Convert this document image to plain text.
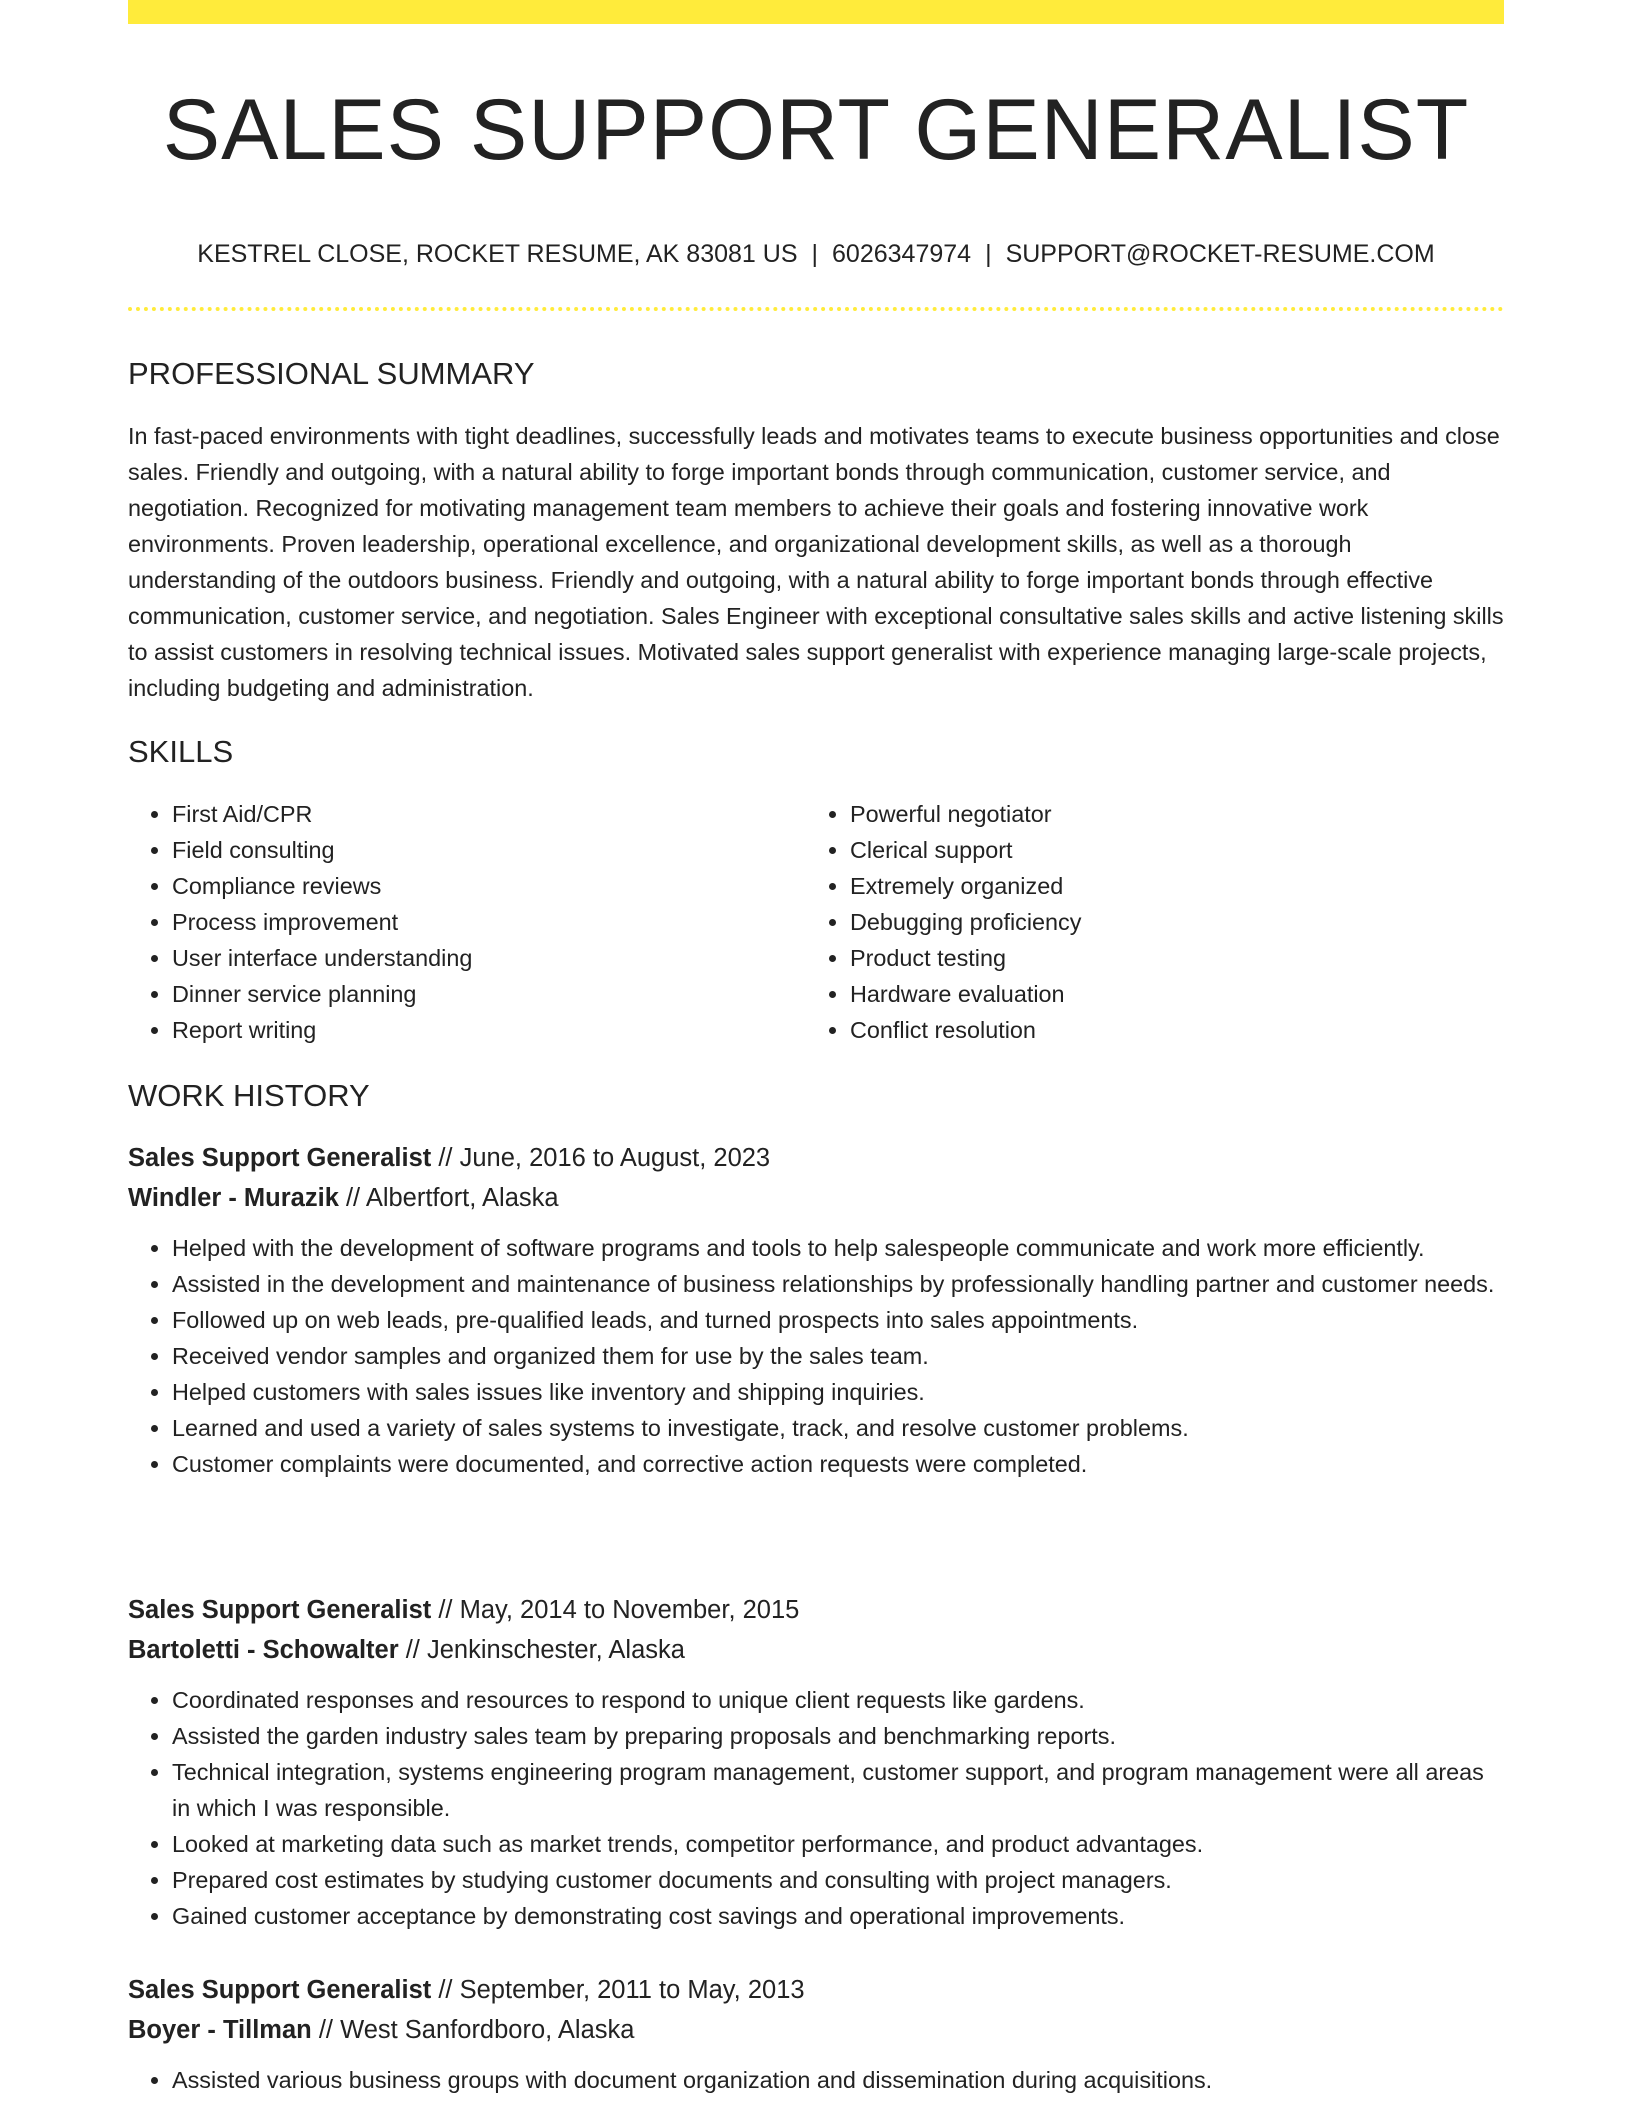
SALES SUPPORT GENERALIST
KESTREL CLOSE, ROCKET RESUME, AK 83081 US | 6026347974 | SUPPORT@ROCKET-RESUME.COM
PROFESSIONAL SUMMARY

In fast-paced environments with tight deadlines, successfully leads and motivates teams to execute business opportunities and close sales. Friendly and outgoing, with a natural ability to forge important bonds through communication, customer service, and negotiation. Recognized for motivating management team members to achieve their goals and fostering innovative work environments. Proven leadership, operational excellence, and organizational development skills, as well as a thorough understanding of the outdoors business. Friendly and outgoing, with a natural ability to forge important bonds through effective communication, customer service, and negotiation. Sales Engineer with exceptional consultative sales skills and active listening skills to assist customers in resolving technical issues. Motivated sales support generalist with experience managing large-scale projects, including budgeting and administration.

SKILLS
• First Aid/CPR
• Field consulting
• Compliance reviews
• Process improvement
• User interface understanding
• Dinner service planning
• Report writing
• Powerful negotiator
• Clerical support
• Extremely organized
• Debugging proficiency
• Product testing
• Hardware evaluation
• Conflict resolution
WORK HISTORY
Sales Support Generalist // June, 2016 to August, 2023
Windler - Murazik // Albertfort, Alaska
• Helped with the development of software programs and tools to help salespeople communicate and work more efficiently.
• Assisted in the development and maintenance of business relationships by professionally handling partner and customer needs.
• Followed up on web leads, pre-qualified leads, and turned prospects into sales appointments.
• Received vendor samples and organized them for use by the sales team.
• Helped customers with sales issues like inventory and shipping inquiries.
• Learned and used a variety of sales systems to investigate, track, and resolve customer problems.
• Customer complaints were documented, and corrective action requests were completed.
Sales Support Generalist // May, 2014 to November, 2015
Bartoletti - Schowalter // Jenkinschester, Alaska
• Coordinated responses and resources to respond to unique client requests like gardens.
• Assisted the garden industry sales team by preparing proposals and benchmarking reports.
• Technical integration, systems engineering program management, customer support, and program management were all areas in which I was responsible.
• Looked at marketing data such as market trends, competitor performance, and product advantages.
• Prepared cost estimates by studying customer documents and consulting with project managers.
• Gained customer acceptance by demonstrating cost savings and operational improvements.
Sales Support Generalist // September, 2011 to May, 2013
Boyer - Tillman // West Sanfordboro, Alaska
• Assisted various business groups with document organization and dissemination during acquisitions.
